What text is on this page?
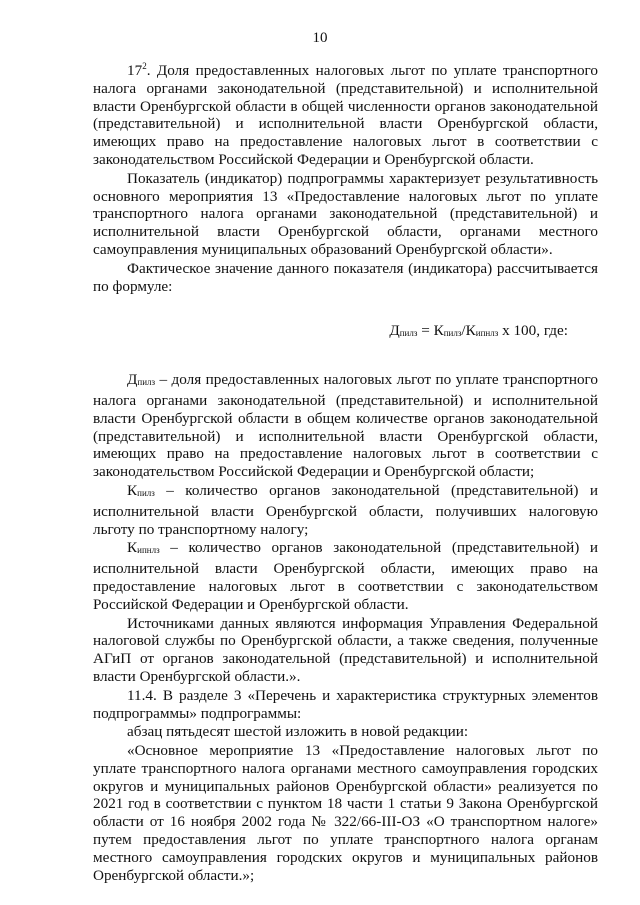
10

$17^2$. Доля предоставленных налоговых льгот по уплате транспортного налога органами законодательной (представительной) и исполнительной власти Оренбургской области в общей численности органов законодательной (представительной) и исполнительной власти Оренбургской области, имеющих право на предоставление налоговых льгот в соответствии с законодательством Российской Федерации и Оренбургской области.

Показатель (индикатор) подпрограммы характеризует результативность основного мероприятия 13 «Предоставление налоговых льгот по уплате транспортного налога органами законодательной (представительной) и исполнительной власти Оренбургской области, органами местного самоуправления муниципальных образований Оренбургской области».

Фактическое значение данного показателя (индикатора) рассчитывается по формуле:

Дпилз = Кпилз/Кипнлз х 100, где:

Дпилз – доля предоставленных налоговых льгот по уплате транспортного налога органами законодательной (представительной) и исполнительной власти Оренбургской области в общем количестве органов законодательной (представительной) и исполнительной власти Оренбургской области, имеющих право на предоставление налоговых льгот в соответствии с законодательством Российской Федерации и Оренбургской области;

Кпилз – количество органов законодательной (представительной) и исполнительной власти Оренбургской области, получивших налоговую льготу по транспортному налогу;

Кипнлз – количество органов законодательной (представительной) и исполнительной власти Оренбургской области, имеющих право на предоставление налоговых льгот в соответствии с законодательством Российской Федерации и Оренбургской области.

Источниками данных являются информация Управления Федеральной налоговой службы по Оренбургской области, а также сведения, полученные АГиП от органов законодательной (представительной) и исполнительной власти Оренбургской области.».

11.4. В разделе 3 «Перечень и характеристика структурных элементов подпрограммы» подпрограммы:

абзац пятьдесят шестой изложить в новой редакции:

«Основное мероприятие 13 «Предоставление налоговых льгот по уплате транспортного налога органами местного самоуправления городских округов и муниципальных районов Оренбургской области» реализуется по 2021 год в соответствии с пунктом 18 части 1 статьи 9 Закона Оренбургской области от 16 ноября 2002 года № 322/66-III-ОЗ «О транспортном налоге» путем предоставления льгот по уплате транспортного налога органам местного самоуправления городских округов и муниципальных районов Оренбургской области.»;
